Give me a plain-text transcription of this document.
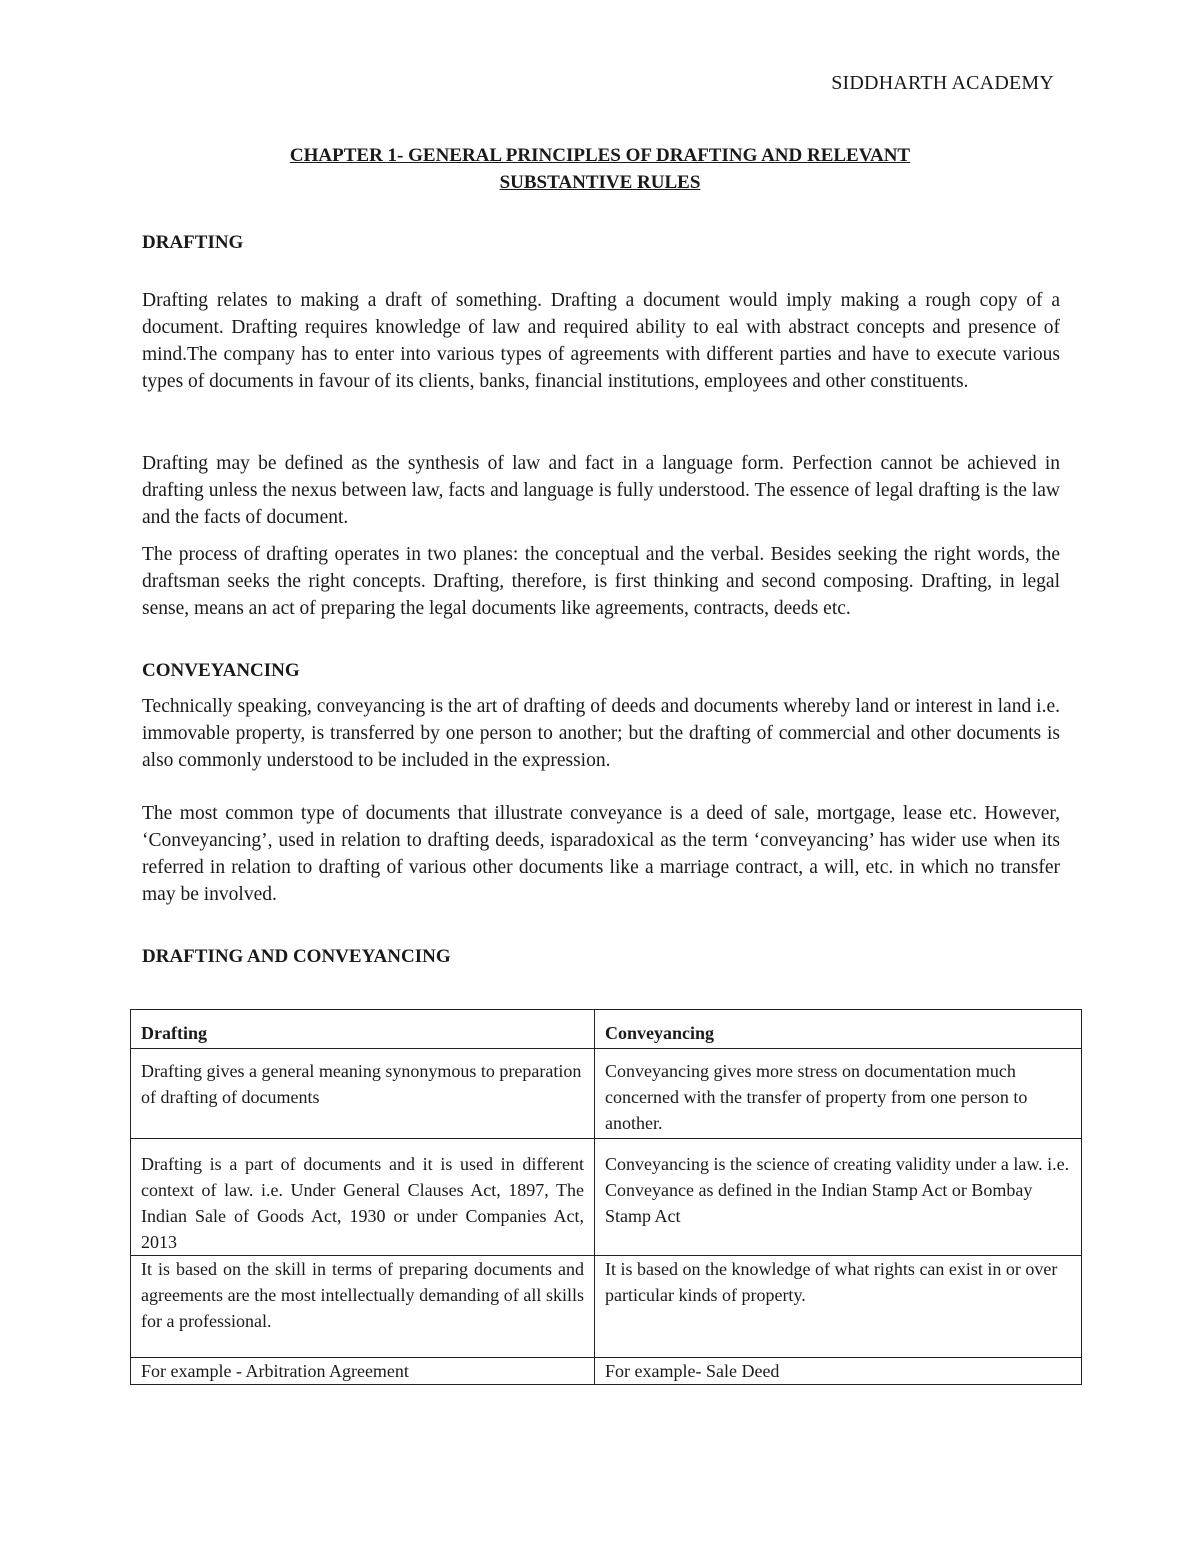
SIDDHARTH ACADEMY
CHAPTER 1- GENERAL PRINCIPLES OF DRAFTING AND RELEVANT
SUBSTANTIVE RULES
DRAFTING

Drafting relates to making a draft of something. Drafting a document would imply making a rough copy of a document. Drafting requires knowledge of law and required ability to eal with abstract concepts and presence of mind.The company has to enter into various types of agreements with different parties and have to execute various types of documents in favour of its clients, banks, financial institutions, employees and other constituents.

Drafting may be defined as the synthesis of law and fact in a language form. Perfection cannot be achieved in drafting unless the nexus between law, facts and language is fully understood. The essence of legal drafting is the law and the facts of document.

The process of drafting operates in two planes: the conceptual and the verbal. Besides seeking the right words, the draftsman seeks the right concepts. Drafting, therefore, is first thinking and second composing. Drafting, in legal sense, means an act of preparing the legal documents like agreements, contracts, deeds etc.

CONVEYANCING

Technically speaking, conveyancing is the art of drafting of deeds and documents whereby land or interest in land i.e. immovable property, is transferred by one person to another; but the drafting of commercial and other documents is also commonly understood to be included in the expression.

The most common type of documents that illustrate conveyance is a deed of sale, mortgage, lease etc. However, ‘Conveyancing’, used in relation to drafting deeds, isparadoxical as the term ‘conveyancing’ has wider use when its referred in relation to drafting of various other documents like a marriage contract, a will, etc. in which no transfer may be involved.

DRAFTING AND CONVEYANCING
Drafting	Conveyancing
Drafting gives a general meaning synonymous to preparation of drafting of documents	Conveyancing gives more stress on documentation much concerned with the transfer of property from one person to another.
Drafting is a part of documents and it is used in different context of law. i.e. Under General Clauses Act, 1897, The Indian Sale of Goods Act, 1930 or under Companies Act, 2013	Conveyancing is the science of creating validity under a law. i.e. Conveyance as defined in the Indian Stamp Act or Bombay Stamp Act
It is based on the skill in terms of preparing documents and agreements are the most intellectually demanding of all skills for a professional.	It is based on the knowledge of what rights can exist in or over particular kinds of property.
For example - Arbitration Agreement	For example- Sale Deed
